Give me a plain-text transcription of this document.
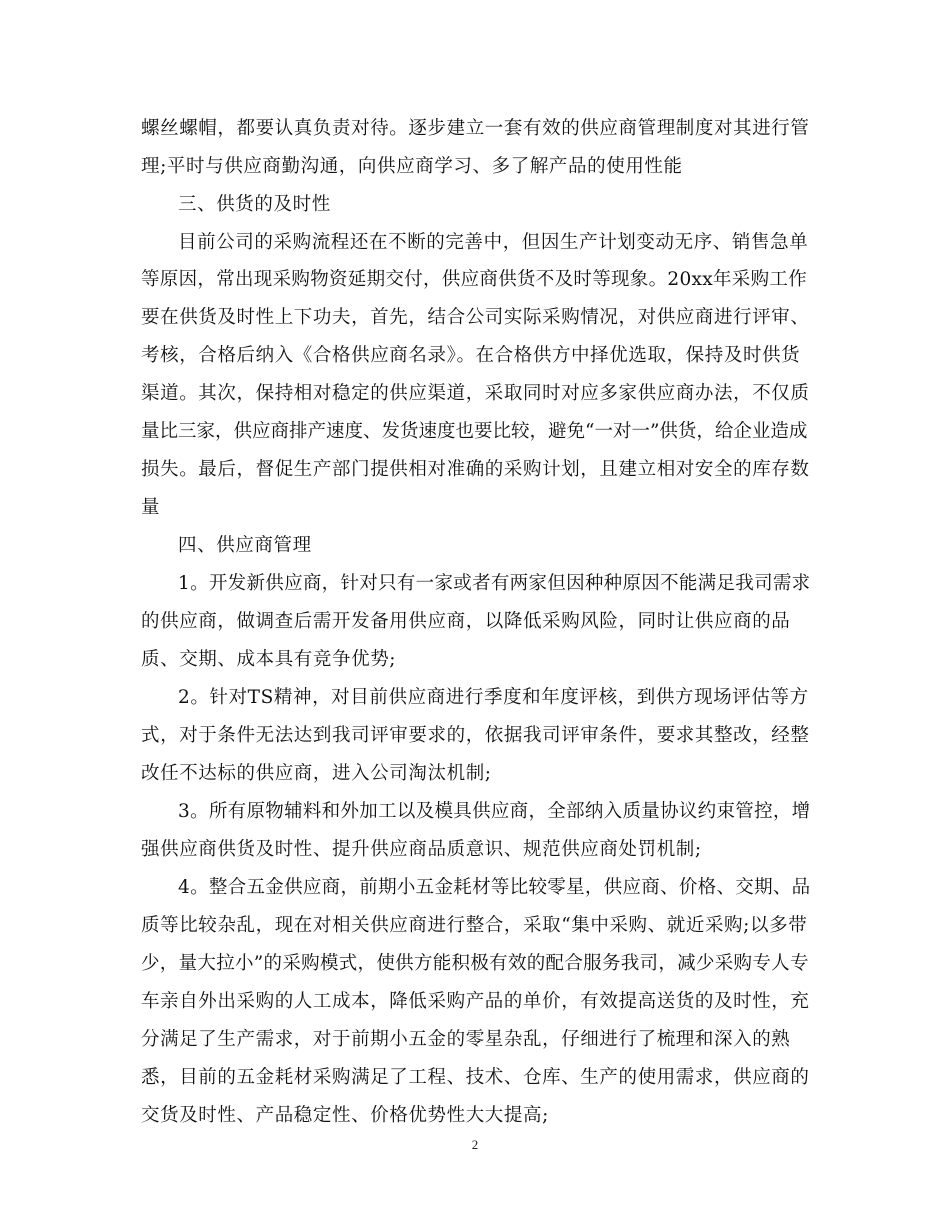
螺丝螺帽，都要认真负责对待。逐步建立一套有效的供应商管理制度对其进行管
理;平时与供应商勤沟通，向供应商学习、多了解产品的使用性能
三、供货的及时性
目前公司的采购流程还在不断的完善中，但因生产计划变动无序、销售急单
等原因，常出现采购物资延期交付，供应商供货不及时等现象。20xx年采购工作
要在供货及时性上下功夫，首先，结合公司实际采购情况，对供应商进行评审、
考核，合格后纳入《合格供应商名录》。在合格供方中择优选取，保持及时供货
渠道。其次，保持相对稳定的供应渠道，采取同时对应多家供应商办法，不仅质
量比三家，供应商排产速度、发货速度也要比较，避免“一对一”供货，给企业造成
损失。最后，督促生产部门提供相对准确的采购计划，且建立相对安全的库存数
量
四、供应商管理
1。开发新供应商，针对只有一家或者有两家但因种种原因不能满足我司需求
的供应商，做调查后需开发备用供应商，以降低采购风险，同时让供应商的品
质、交期、成本具有竞争优势;
2。针对TS精神，对目前供应商进行季度和年度评核，到供方现场评估等方
式，对于条件无法达到我司评审要求的，依据我司评审条件，要求其整改，经整
改任不达标的供应商，进入公司淘汰机制;
3。所有原物辅料和外加工以及模具供应商，全部纳入质量协议约束管控，增
强供应商供货及时性、提升供应商品质意识、规范供应商处罚机制;
4。整合五金供应商，前期小五金耗材等比较零星，供应商、价格、交期、品
质等比较杂乱，现在对相关供应商进行整合，采取“集中采购、就近采购;以多带
少，量大拉小”的采购模式，使供方能积极有效的配合服务我司，减少采购专人专
车亲自外出采购的人工成本，降低采购产品的单价，有效提高送货的及时性，充
分满足了生产需求，对于前期小五金的零星杂乱，仔细进行了梳理和深入的熟
悉，目前的五金耗材采购满足了工程、技术、仓库、生产的使用需求，供应商的
交货及时性、产品稳定性、价格优势性大大提高;
2
